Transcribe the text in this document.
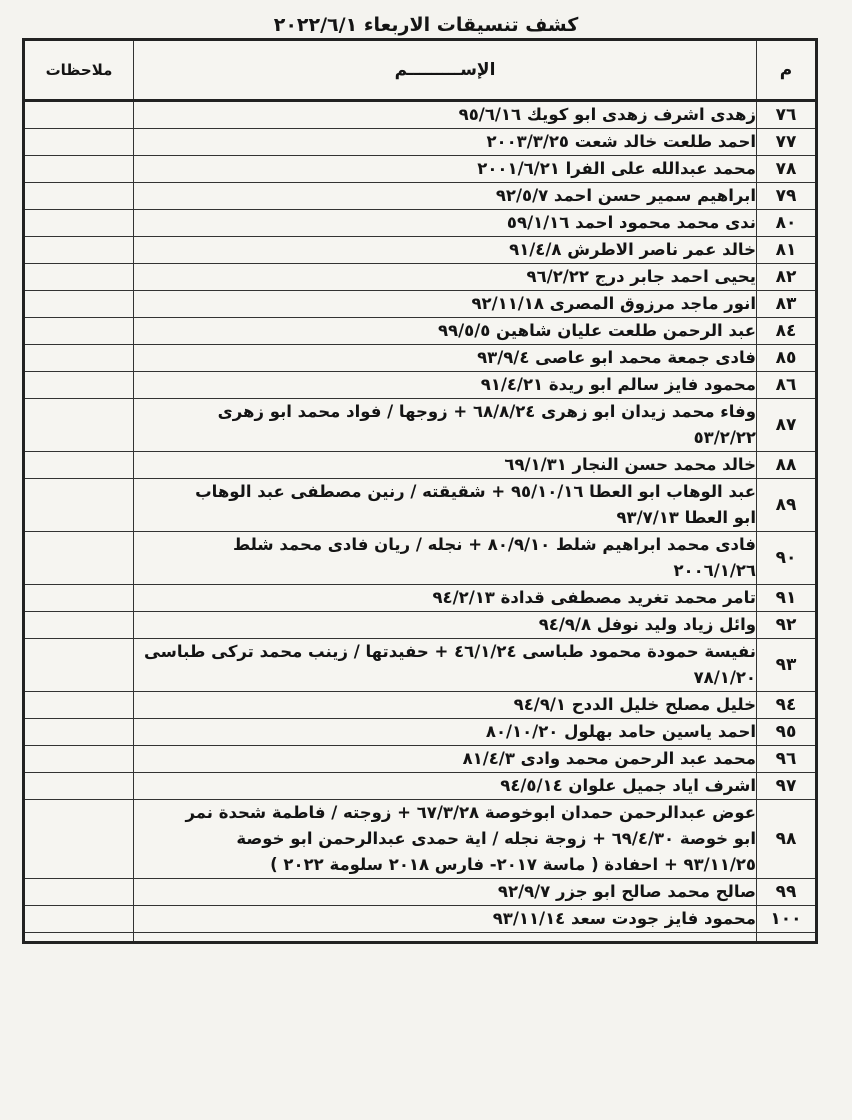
كشف تنسيقات الاربعاء ٢٠٢٢/٦/١
م	الإســـــــــم	ملاحظات
٧٦	زهدى اشرف زهدى ابو كويك ٩٥/٦/١٦	

٧٧	احمد طلعت خالد شعت ٢٠٠٣/٣/٢٥	

٧٨	محمد عبدالله على الفرا ٢٠٠١/٦/٢١	

٧٩	ابراهيم سمير حسن احمد ٩٢/٥/٧	

٨٠	ندى محمد محمود احمد ٥٩/١/١٦	

٨١	خالد عمر ناصر الاطرش ٩١/٤/٨	

٨٢	يحيى احمد جابر درج ٩٦/٢/٢٢	

٨٣	انور ماجد مرزوق المصرى ٩٢/١١/١٨	

٨٤	عبد الرحمن طلعت عليان شاهين ٩٩/٥/٥	

٨٥	فادى جمعة محمد ابو عاصى ٩٣/٩/٤	

٨٦	محمود فايز سالم ابو ريدة ٩١/٤/٢١	

٨٧	وفاء محمد زيدان ابو زهرى ٦٨/٨/٢٤ + زوجها / فواد محمد ابو زهرى
٥٣/٢/٢٢	

٨٨	خالد محمد حسن النجار ٦٩/١/٣١	

٨٩	عبد الوهاب ابو العطا ٩٥/١٠/١٦ + شقيقته / رنين مصطفى عبد الوهاب
ابو العطا ٩٣/٧/١٣	

٩٠	فادى محمد ابراهيم شلط ٨٠/٩/١٠ + نجله / ريان فادى محمد شلط
٢٠٠٦/١/٢٦	

٩١	تامر محمد تغريد مصطفى قدادة ٩٤/٢/١٣	

٩٢	وائل زياد وليد نوفل ٩٤/٩/٨	

٩٣	نفيسة حمودة محمود طباسى ٤٦/١/٢٤ + حفيدتها / زينب محمد تركى طباسى
٧٨/١/٢٠	

٩٤	خليل مصلح خليل الددح ٩٤/٩/١	

٩٥	احمد ياسين حامد بهلول ٨٠/١٠/٢٠	

٩٦	محمد عبد الرحمن محمد وادى ٨١/٤/٣	

٩٧	اشرف اياد جميل علوان ٩٤/٥/١٤	

٩٨	عوض عبدالرحمن حمدان ابوخوصة ٦٧/٣/٢٨ + زوجته / فاطمة شحدة نمر
ابو خوصة ٦٩/٤/٣٠ + زوجة نجله / اية حمدى عبدالرحمن ابو خوصة
٩٣/١١/٢٥ + احفادة ( ماسة ٢٠١٧- فارس ٢٠١٨ سلومة ٢٠٢٢ )	

٩٩	صالح محمد صالح ابو جزر ٩٢/٩/٧	

١٠٠	محمود فايز جودت سعد ٩٣/١١/١٤	
